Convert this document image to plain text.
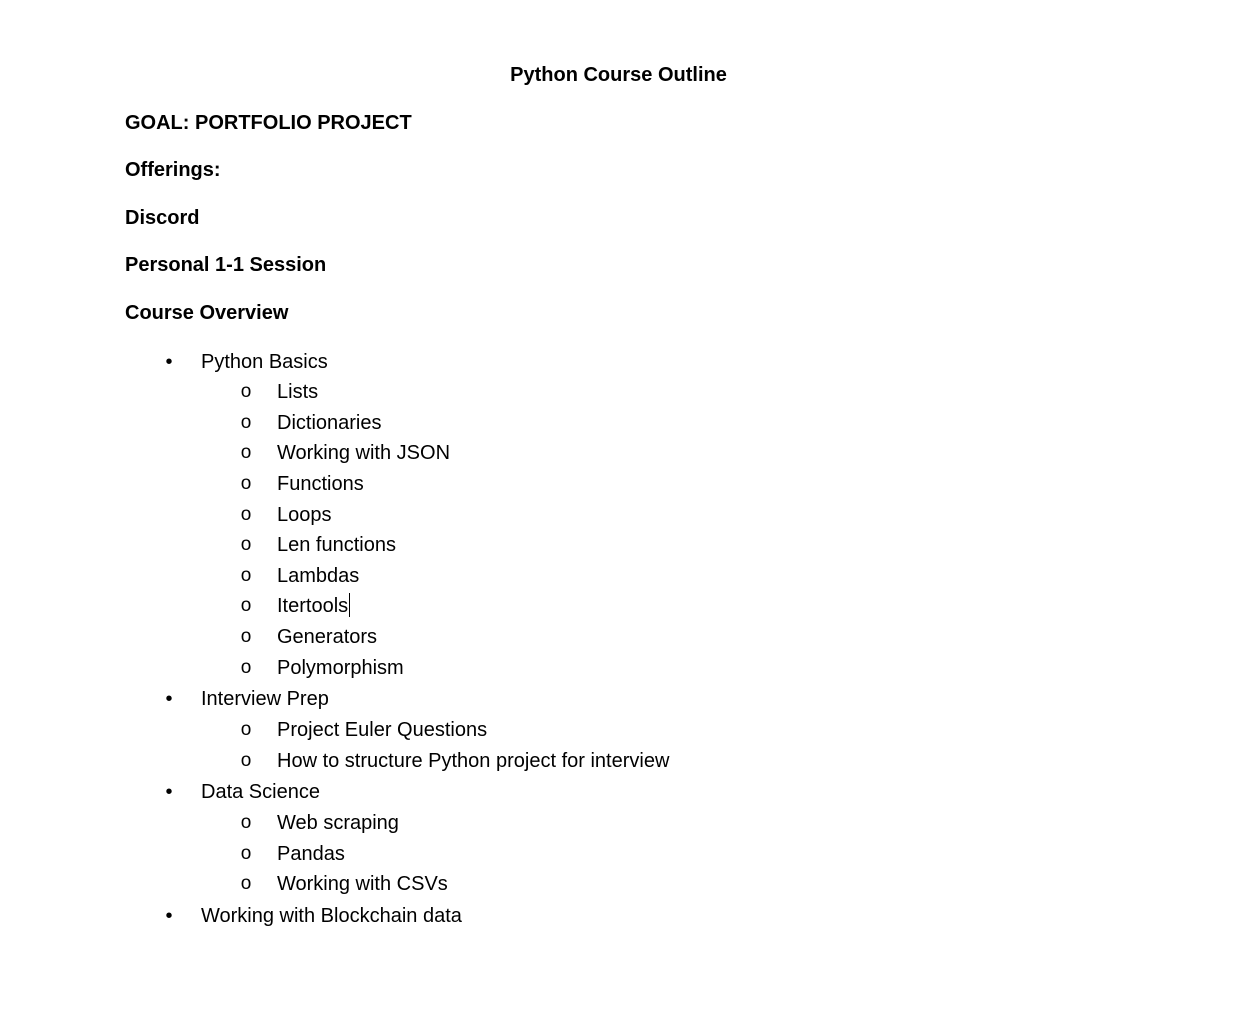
Python Course Outline
GOAL: PORTFOLIO PROJECT
Offerings:
Discord
Personal 1-1 Session
Course Overview
• Python Basics
o Lists
o Dictionaries
o Working with JSON
o Functions
o Loops
o Len functions
o Lambdas
o Itertools
o Generators
o Polymorphism
• Interview Prep
o Project Euler Questions
o How to structure Python project for interview
• Data Science
o Web scraping
o Pandas
o Working with CSVs
• Working with Blockchain data
